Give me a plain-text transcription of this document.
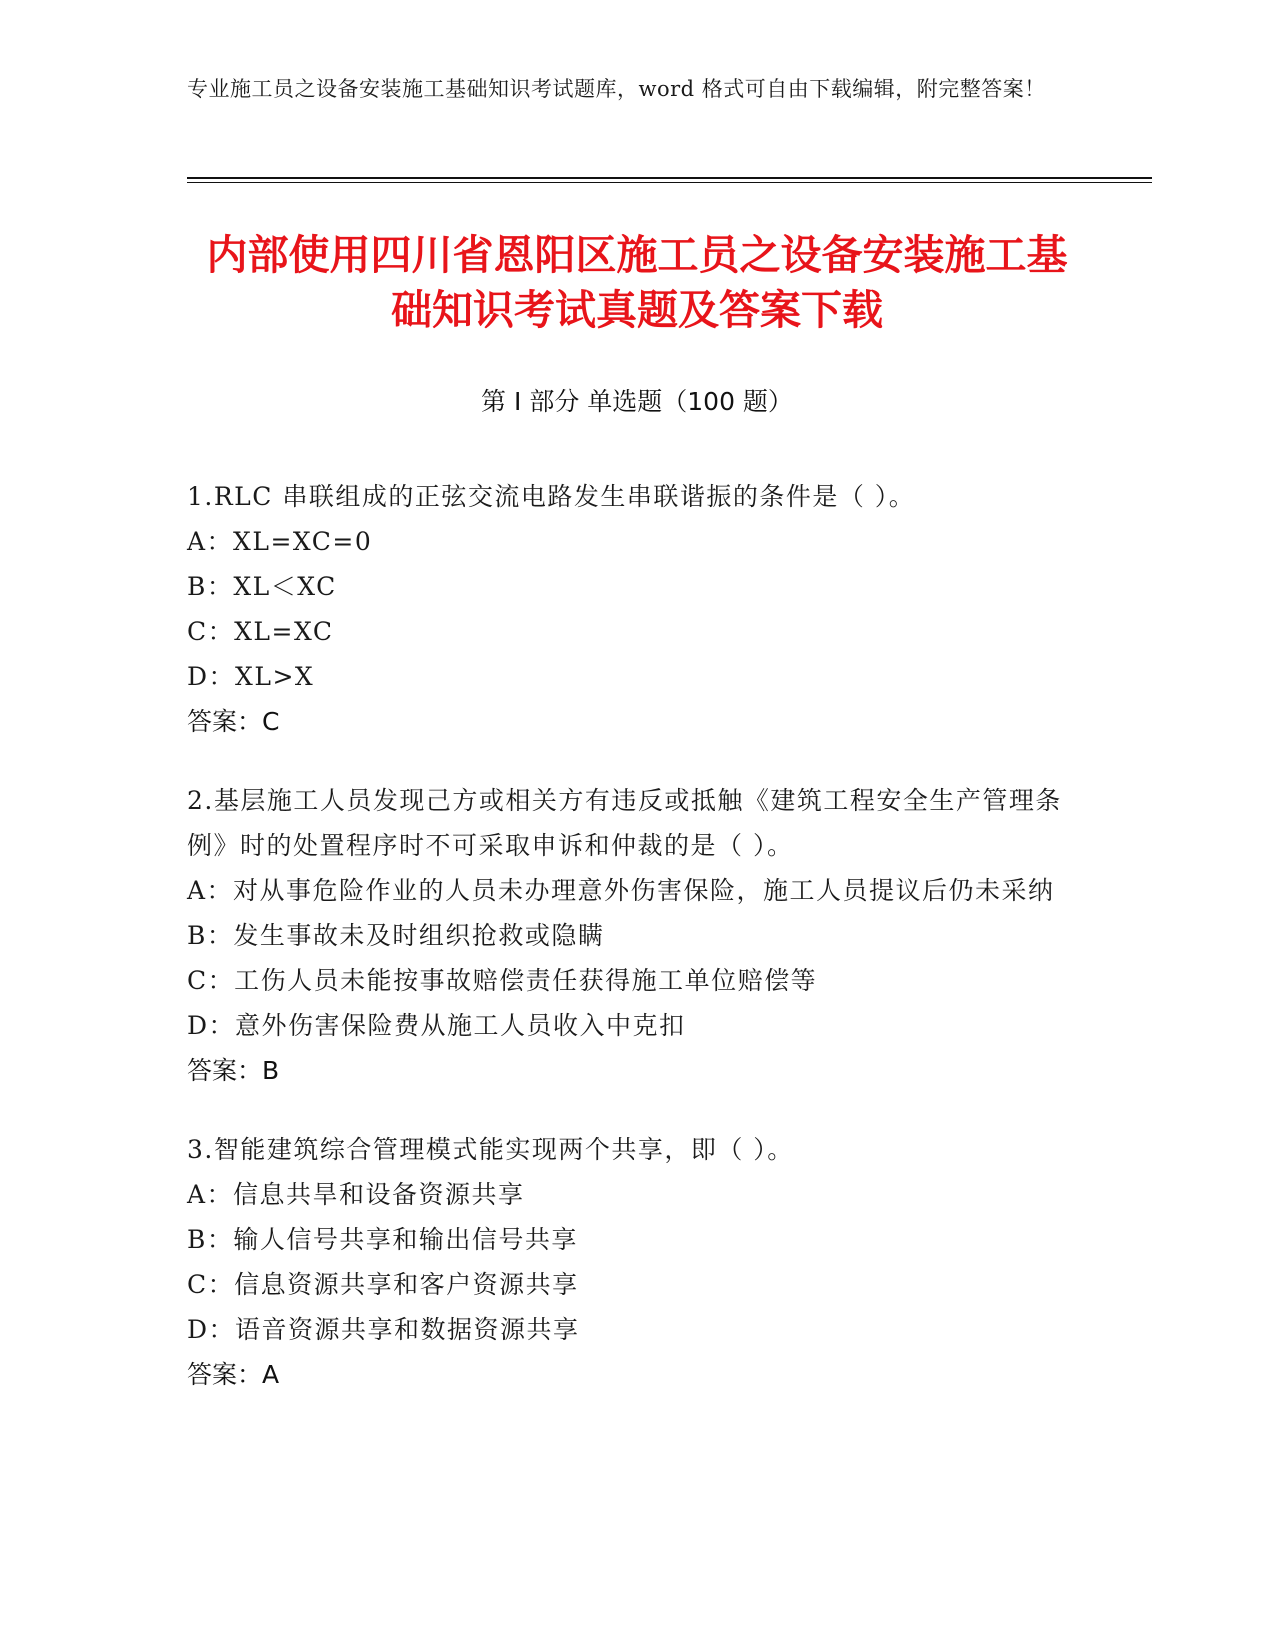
专业施工员之设备安装施工基础知识考试题库，word 格式可自由下载编辑，附完整答案！
内部使用四川省恩阳区施工员之设备安装施工基础知识考试真题及答案下载
第 I 部分 单选题（100 题）
1.RLC 串联组成的正弦交流电路发生串联谐振的条件是（ ）。
A：XL=XC=0
B：XL＜XC
C：XL=XC
D：XL>X
答案：C
2.基层施工人员发现己方或相关方有违反或抵触《建筑工程安全生产管理条例》时的处置程序时不可采取申诉和仲裁的是（ ）。
A：对从事危险作业的人员未办理意外伤害保险，施工人员提议后仍未采纳
B：发生事故未及时组织抢救或隐瞒
C：工伤人员未能按事故赔偿责任获得施工单位赔偿等
D：意外伤害保险费从施工人员收入中克扣
答案：B
3.智能建筑综合管理模式能实现两个共享，即（ ）。
A：信息共旱和设备资源共享
B：输人信号共享和输出信号共享
C：信息资源共享和客户资源共享
D：语音资源共享和数据资源共享
答案：A
